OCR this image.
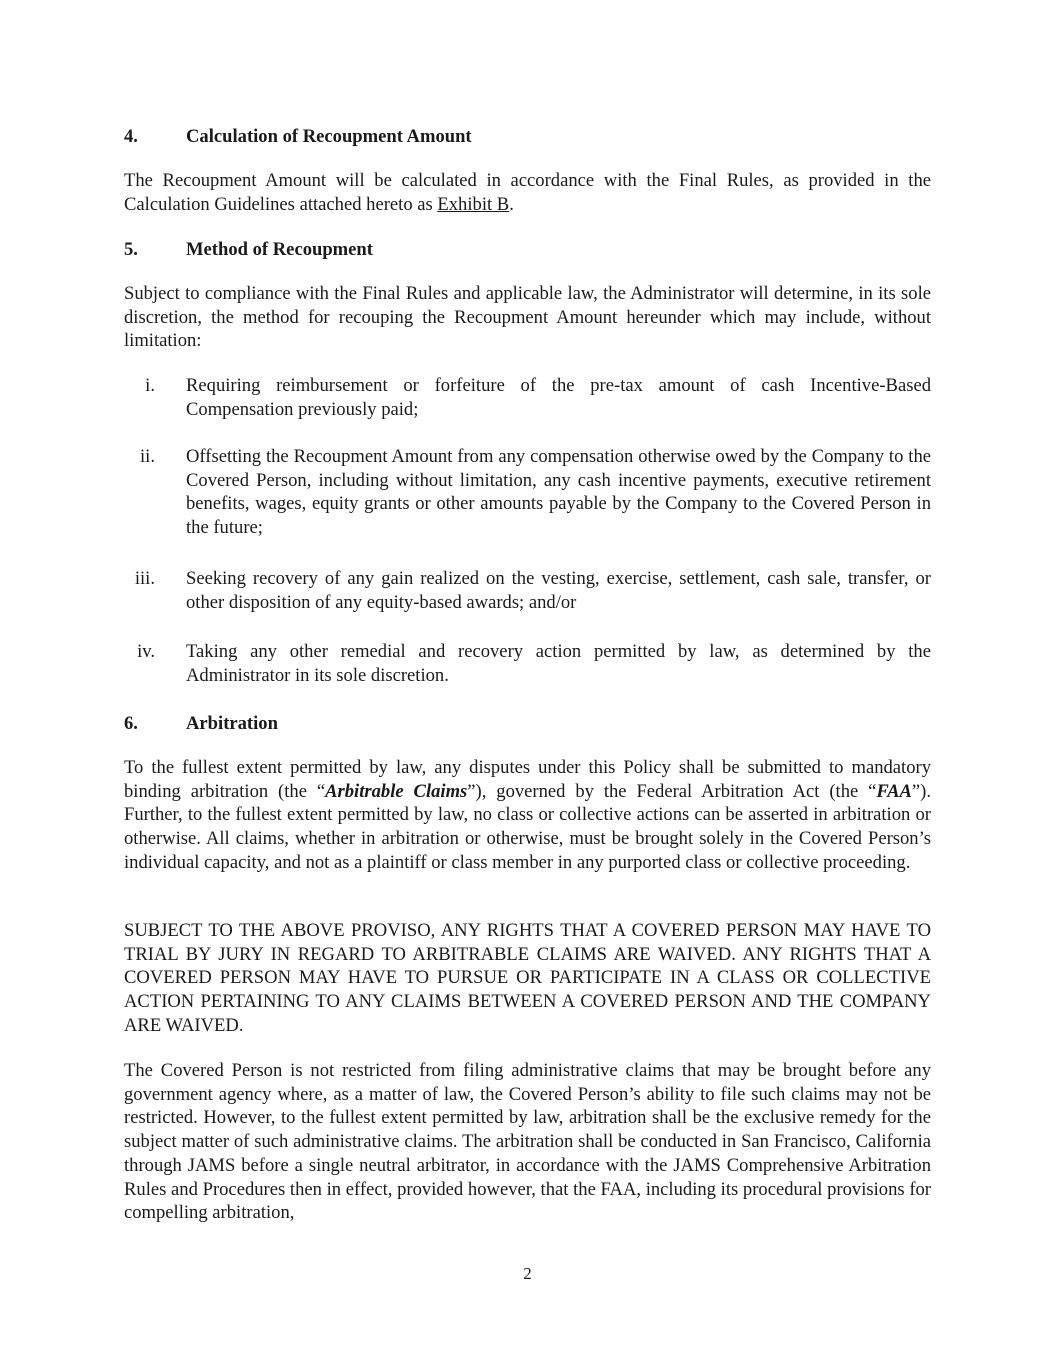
4.	Calculation of Recoupment Amount
The Recoupment Amount will be calculated in accordance with the Final Rules, as provided in the Calculation Guidelines attached hereto as Exhibit B.
5.	Method of Recoupment
Subject to compliance with the Final Rules and applicable law, the Administrator will determine, in its sole discretion, the method for recouping the Recoupment Amount hereunder which may include, without limitation:
i. Requiring reimbursement or forfeiture of the pre-tax amount of cash Incentive-Based Compensation previously paid;
ii. Offsetting the Recoupment Amount from any compensation otherwise owed by the Company to the Covered Person, including without limitation, any cash incentive payments, executive retirement benefits, wages, equity grants or other amounts payable by the Company to the Covered Person in the future;
iii. Seeking recovery of any gain realized on the vesting, exercise, settlement, cash sale, transfer, or other disposition of any equity-based awards; and/or
iv. Taking any other remedial and recovery action permitted by law, as determined by the Administrator in its sole discretion.
6.	Arbitration
To the fullest extent permitted by law, any disputes under this Policy shall be submitted to mandatory binding arbitration (the “Arbitrable Claims”), governed by the Federal Arbitration Act (the “FAA”). Further, to the fullest extent permitted by law, no class or collective actions can be asserted in arbitration or otherwise. All claims, whether in arbitration or otherwise, must be brought solely in the Covered Person’s individual capacity, and not as a plaintiff or class member in any purported class or collective proceeding.
SUBJECT TO THE ABOVE PROVISO, ANY RIGHTS THAT A COVERED PERSON MAY HAVE TO TRIAL BY JURY IN REGARD TO ARBITRABLE CLAIMS ARE WAIVED. ANY RIGHTS THAT A COVERED PERSON MAY HAVE TO PURSUE OR PARTICIPATE IN A CLASS OR COLLECTIVE ACTION PERTAINING TO ANY CLAIMS BETWEEN A COVERED PERSON AND THE COMPANY ARE WAIVED.
The Covered Person is not restricted from filing administrative claims that may be brought before any government agency where, as a matter of law, the Covered Person’s ability to file such claims may not be restricted. However, to the fullest extent permitted by law, arbitration shall be the exclusive remedy for the subject matter of such administrative claims. The arbitration shall be conducted in San Francisco, California through JAMS before a single neutral arbitrator, in accordance with the JAMS Comprehensive Arbitration Rules and Procedures then in effect, provided however, that the FAA, including its procedural provisions for compelling arbitration,
2
